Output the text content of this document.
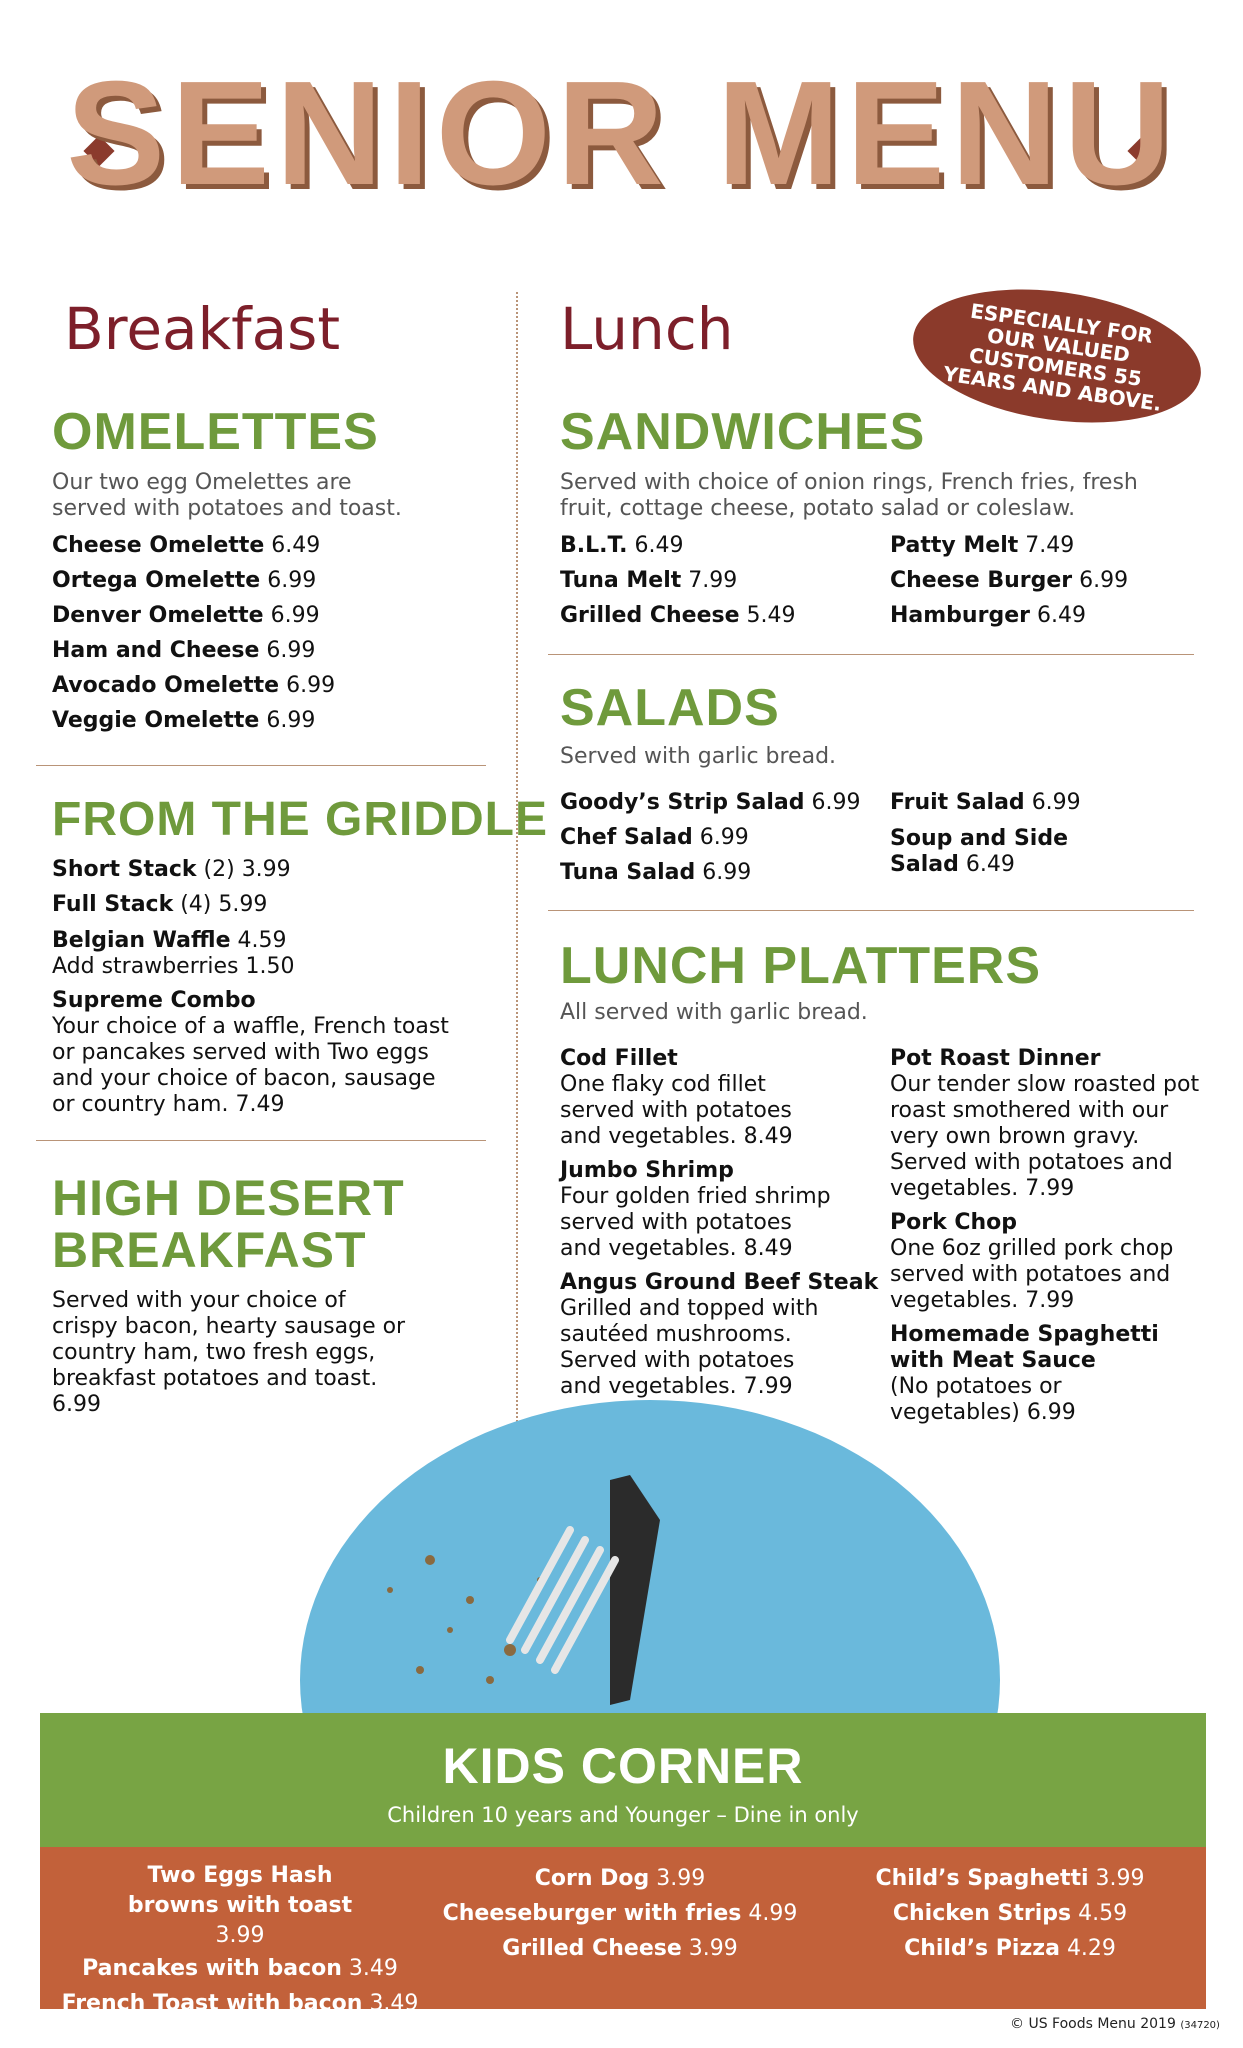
SENIOR MENU
ESPECIALLY FOR OUR VALUED CUSTOMERS 55 YEARS AND ABOVE.
Breakfast	Lunch
OMELETTES
Our two egg Omelettes are served with potatoes and toast.
Cheese Omelette 6.49
Ortega Omelette 6.99
Denver Omelette 6.99
Ham and Cheese 6.99
Avocado Omelette 6.99
Veggie Omelette 6.99
FROM THE GRIDDLE
Short Stack (2) 3.99
Full Stack (4) 5.99
Belgian Waffle 4.59
Add strawberries 1.50
Supreme Combo
Your choice of a waffle, French toast or pancakes served with Two eggs and your choice of bacon, sausage or country ham. 7.49
HIGH DESERT
BREAKFAST
Served with your choice of crispy bacon, hearty sausage or country ham, two fresh eggs, breakfast potatoes and toast. 6.99
SANDWICHES
Served with choice of onion rings, French fries, fresh fruit, cottage cheese, potato salad or coleslaw.
B.L.T. 6.49
Tuna Melt 7.99
Grilled Cheese 5.49
Patty Melt 7.49
Cheese Burger 6.99
Hamburger 6.49
SALADS
Served with garlic bread.
Goody’s Strip Salad 6.99
Chef Salad 6.99
Tuna Salad 6.99
Fruit Salad 6.99
Soup and Side Salad 6.49
LUNCH PLATTERS
All served with garlic bread.
Cod Fillet
One flaky cod fillet served with potatoes and vegetables. 8.49
Jumbo Shrimp
Four golden fried shrimp served with potatoes and vegetables. 8.49
Angus Ground Beef Steak
Grilled and topped with sautéed mushrooms. Served with potatoes and vegetables. 7.99
Pot Roast Dinner
Our tender slow roasted pot roast smothered with our very own brown gravy. Served with potatoes and vegetables. 7.99
Pork Chop
One 6oz grilled pork chop served with potatoes and vegetables. 7.99
Homemade Spaghetti with Meat Sauce
(No potatoes or vegetables) 6.99
KIDS CORNER
Children 10 years and Younger – Dine in only
Two Eggs Hash browns with toast 3.99
Pancakes with bacon 3.49
French Toast with bacon 3.49
Corn Dog 3.99
Cheeseburger with fries 4.99
Grilled Cheese 3.99
Child’s Spaghetti 3.99
Chicken Strips 4.59
Child’s Pizza 4.29
© US Foods Menu 2019 (34720)
